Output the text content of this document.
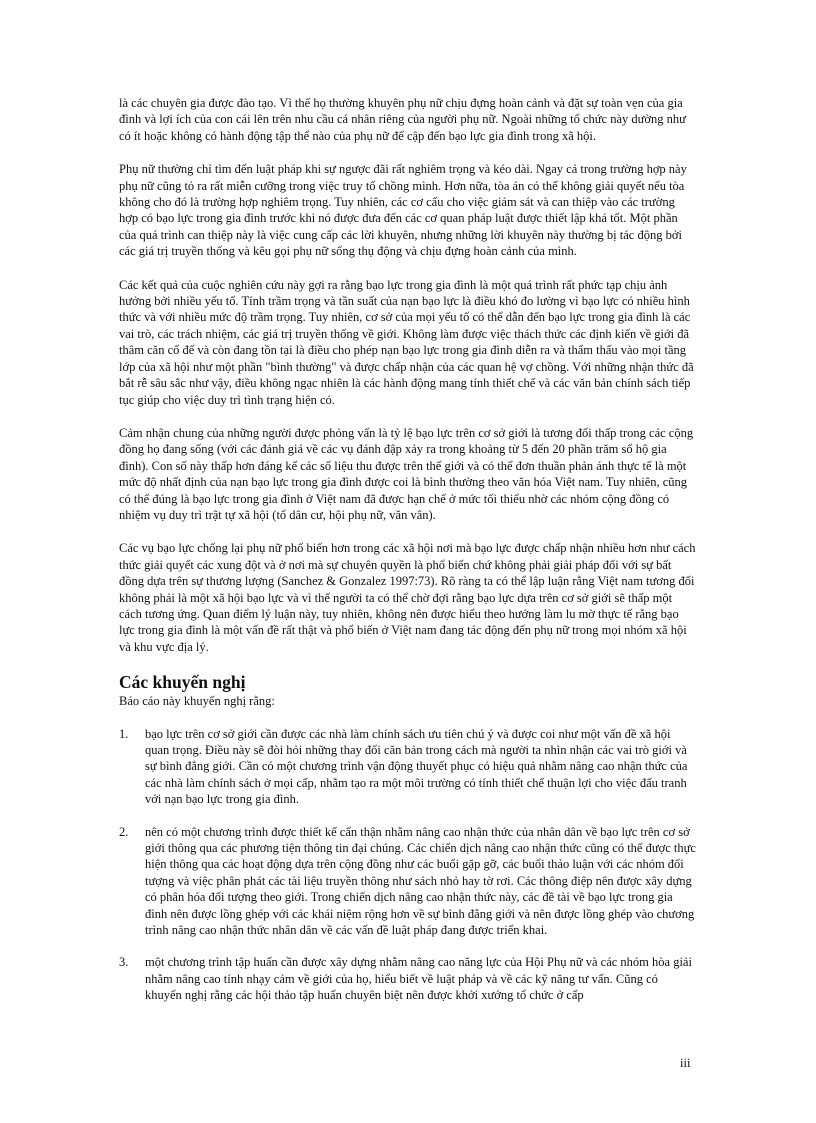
là các chuyên gia được đào tạo. Vì thế họ thường khuyên phụ nữ chịu đựng hoàn cảnh và đặt sự toàn vẹn của gia đình và lợi ích của con cái lên trên nhu cầu cá nhân riêng của người phụ nữ. Ngoài những tổ chức này dường như có ít hoặc không có hành động tập thể nào của phụ nữ để cập đến bạo lực gia đình trong xã hội.

Phụ nữ thường chỉ tìm đến luật pháp khi sự ngược đãi rất nghiêm trọng và kéo dài. Ngay cả trong trường hợp này phụ nữ cũng tỏ ra rất miễn cưỡng trong việc truy tố chồng mình. Hơn nữa, tòa án có thể không giải quyết nếu tòa không cho đó là trường hợp nghiêm trọng. Tuy nhiên, các cơ cấu cho việc giám sát và can thiệp vào các trường hợp có bạo lực trong gia đình trước khi nó được đưa đến các cơ quan pháp luật được thiết lập khá tốt. Một phần của quá trình can thiệp này là việc cung cấp các lời khuyên, nhưng những lời khuyên này thường bị tác động bởi các giá trị truyền thống và kêu gọi phụ nữ sống thụ động và chịu đựng hoàn cảnh của mình.

Các kết quả của cuộc nghiên cứu này gợi ra rằng bạo lực trong gia đình là một quá trình rất phức tạp chịu ảnh hưởng bởi nhiều yếu tố. Tính trầm trọng và tần suất của nạn bạo lực là điều khó đo lường vì bạo lực có nhiều hình thức và với nhiều mức độ trầm trọng. Tuy nhiên, cơ sở của mọi yếu tố có thể dẫn đến bạo lực trong gia đình là các vai trò, các trách nhiệm, các giá trị truyền thống về giới. Không làm được việc thách thức các định kiến về giới đã thâm căn cố đế và còn đang tồn tại là điều cho phép nạn bạo lực trong gia đình diễn ra và thẩm thấu vào mọi tầng lớp của xã hội như một phần "bình thường" và được chấp nhận của các quan hệ vợ chồng. Với những nhận thức đã bắt rễ sâu sắc như vậy, điều không ngạc nhiên là các hành động mang tính thiết chế và các văn bản chính sách tiếp tục giúp cho việc duy trì tình trạng hiện có.

Cảm nhận chung của những người được phỏng vấn là tỷ lệ bạo lực trên cơ sở giới là tương đối thấp trong các cộng đồng họ đang sống (với các đánh giá về các vụ đánh đập xảy ra trong khoảng từ 5 đến 20 phần trăm số hộ gia đình). Con số này thấp hơn đáng kể các số liệu thu được trên thế giới và có thể đơn thuần phản ánh thực tế là một mức độ nhất định của nạn bạo lực trong gia đình được coi là bình thường theo văn hóa Việt nam. Tuy nhiên, cũng có thể đúng là bạo lực trong gia đình ở Việt nam đã được hạn chế ở mức tối thiểu nhờ các nhóm cộng đồng có nhiệm vụ duy trì trật tự xã hội (tổ dân cư, hội phụ nữ, văn vân).

Các vụ bạo lực chống lại phụ nữ phổ biến hơn trong các xã hội nơi mà bạo lực được chấp nhận nhiều hơn như cách thức giải quyết các xung đột và ở nơi mà sự chuyên quyền là phổ biến chứ không phải giải pháp đối với sự bất đồng dựa trên sự thương lượng (Sanchez & Gonzalez 1997:73). Rõ ràng ta có thể lập luận rằng Việt nam tương đối không phải là một xã hội bạo lực và vì thế người ta có thể chờ đợi rằng bạo lực dựa trên cơ sở giới sẽ thấp một cách tương ứng. Quan điểm lý luận này, tuy nhiên, không nên được hiểu theo hướng làm lu mờ thực tế rằng bạo lực trong gia đình là một vấn đề rất thật và phổ biến ở Việt nam đang tác động đến phụ nữ trong mọi nhóm xã hội và khu vực địa lý.

Các khuyến nghị

Báo cáo này khuyến nghị rằng:

1.	bạo lực trên cơ sở giới cần được các nhà làm chính sách ưu tiên chú ý và được coi như một vấn đề xã hội quan trọng. Điều này sẽ đòi hỏi những thay đổi căn bản trong cách mà người ta nhìn nhận các vai trò giới và sự bình đẳng giới. Cần có một chương trình vận động thuyết phục có hiệu quả nhằm nâng cao nhận thức của các nhà làm chính sách ở mọi cấp, nhằm tạo ra một môi trường có tính thiết chế thuận lợi cho việc đấu tranh với nạn bạo lực trong gia đình.
2.	nên có một chương trình được thiết kế cẩn thận nhằm nâng cao nhận thức của nhân dân về bạo lực trên cơ sở giới thông qua các phương tiện thông tin đại chúng. Các chiến dịch nâng cao nhận thức cũng có thể được thực hiện thông qua các hoạt động dựa trên cộng đồng như các buổi gặp gỡ, các buổi thảo luận với các nhóm đối tượng và việc phân phát các tài liệu truyền thông như sách nhỏ hay tờ rơi. Các thông điệp nên được xây dựng có phân hóa đối tượng theo giới. Trong chiến dịch nâng cao nhận thức này, các đề tài về bạo lực trong gia đình nên được lồng ghép với các khái niệm rộng hơn về sự bình đẳng giới và nên được lồng ghép vào chương trình nâng cao nhận thức nhân dân về các vấn đề luật pháp đang được triển khai.
3.	một chương trình tập huấn cần được xây dựng nhằm nâng cao năng lực của Hội Phụ nữ và các nhóm hòa giải nhằm nâng cao tính nhạy cảm về giới của họ, hiểu biết về luật pháp và về các kỹ năng tư vấn. Cũng có khuyến nghị rằng các hội thảo tập huấn chuyên biệt nên được khởi xướng tổ chức ở cấp
iii
